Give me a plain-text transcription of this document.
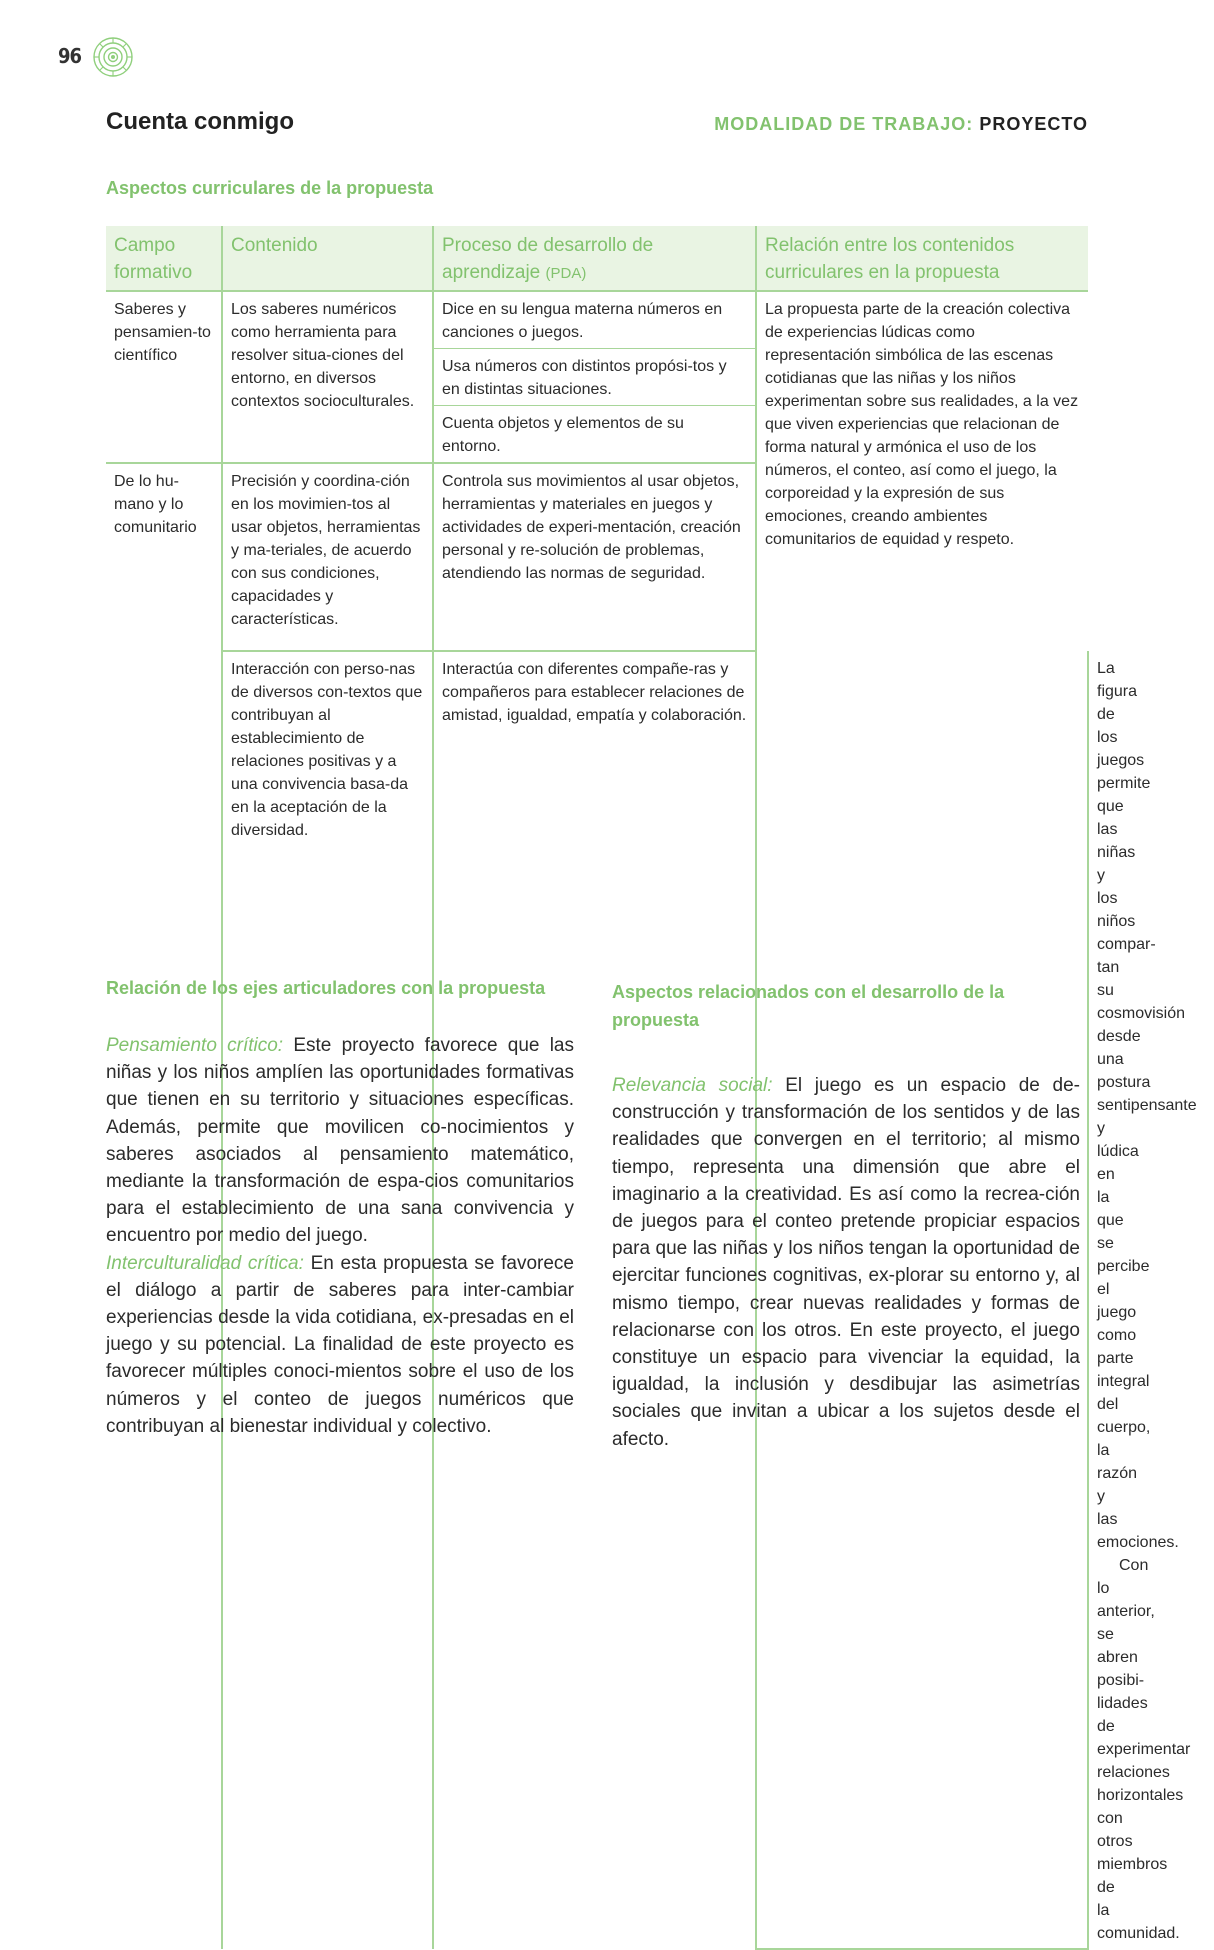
96
Cuenta conmigo	MODALIDAD DE TRABAJO: PROYECTO
Aspectos curriculares de la propuesta
Campo formativo	Contenido	Proceso de desarrollo de aprendizaje (PDA)	Relación entre los contenidos curriculares en la propuesta	
Saberes y pensamien-to científico	Los saberes numéricos como herramienta para resolver situa-ciones del entorno, en diversos contextos socioculturales.	Dice en su lengua materna números en canciones o juegos.	La propuesta parte de la creación colectiva de experiencias lúdicas como representación simbólica de las escenas cotidianas que las niñas y los niños experimentan sobre sus realidades, a la vez que viven experiencias que relacionan de forma natural y armónica el uso de los números, el conteo, así como el juego, la corporeidad y la expresión de sus emociones, creando ambientes comunitarios de equidad y respeto.	
		Usa números con distintos propósi-tos y en distintas situaciones.		
		Cuenta objetos y elementos de su entorno.		
De lo hu-mano y lo comunitario	Precisión y coordina-ción en los movimien-tos al usar objetos, herramientas y ma-teriales, de acuerdo con sus condiciones, capacidades y características.	Controla sus movimientos al usar objetos, herramientas y materiales en juegos y actividades de experi-mentación, creación personal y re-solución de problemas, atendiendo las normas de seguridad.		
	Interacción con perso-nas de diversos con-textos que contribuyan al establecimiento de relaciones positivas y a una convivencia basa-da en la aceptación de la diversidad.	Interactúa con diferentes compañe-ras y compañeros para establecer relaciones de amistad, igualdad, empatía y colaboración.		La figura de los juegos permite que las niñas y los niños compar-tan su cosmovisión desde una postura sentipensante y lúdica en la que se percibe el juego como parte integral del cuerpo, la razón y las emociones.
Con lo anterior, se abren posibi-lidades de experimentar relaciones horizontales con otros miembros de la comunidad.
Relación de los ejes articuladores con la propuesta
Pensamiento crítico: Este proyecto favorece que las niñas y los niños amplíen las oportunidades formativas que tienen en su territorio y situaciones específicas. Además, permite que movilicen co-nocimientos y saberes asociados al pensamiento matemático, mediante la transformación de espa-cios comunitarios para el establecimiento de una sana convivencia y encuentro por medio del juego.
Interculturalidad crítica: En esta propuesta se favorece el diálogo a partir de saberes para inter-cambiar experiencias desde la vida cotidiana, ex-presadas en el juego y su potencial. La finalidad de este proyecto es favorecer múltiples conoci-mientos sobre el uso de los números y el conteo de juegos numéricos que contribuyan al bienestar individual y colectivo.
Aspectos relacionados con el desarrollo de la propuesta
Relevancia social: El juego es un espacio de de-construcción y transformación de los sentidos y de las realidades que convergen en el territorio; al mismo tiempo, representa una dimensión que abre el imaginario a la creatividad. Es así como la recrea-ción de juegos para el conteo pretende propiciar espacios para que las niñas y los niños tengan la oportunidad de ejercitar funciones cognitivas, ex-plorar su entorno y, al mismo tiempo, crear nuevas realidades y formas de relacionarse con los otros. En este proyecto, el juego constituye un espacio para vivenciar la equidad, la igualdad, la inclusión y desdibujar las asimetrías sociales que invitan a ubicar a los sujetos desde el afecto.
